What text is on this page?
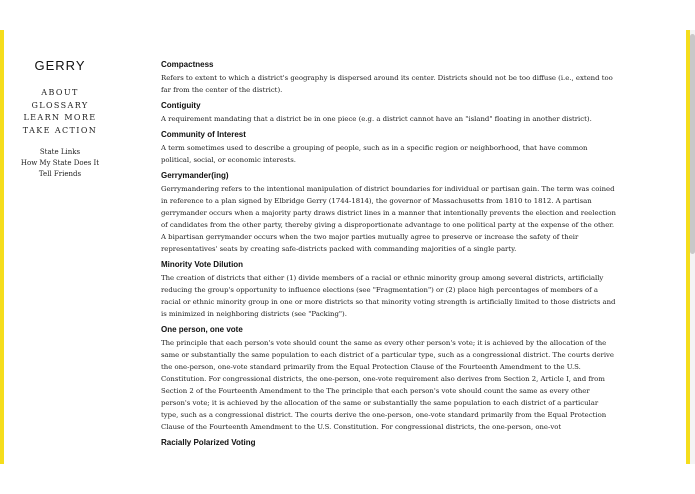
GERRY
ABOUT
GLOSSARY
LEARN MORE
TAKE ACTION
State Links
How My State Does It
Tell Friends
Compactness

Refers to extent to which a district's geography is dispersed around its center. Districts should not be too diffuse (i.e., extend too far from the center of the district).

Contiguity

A requirement mandating that a district be in one piece (e.g. a district cannot have an "island" floating in another district).

Community of Interest

A term sometimes used to describe a grouping of people, such as in a specific region or neighborhood, that have common political, social, or economic interests.

Gerrymander(ing)

Gerrymandering refers to the intentional manipulation of district boundaries for individual or partisan gain. The term was coined in reference to a plan signed by Elbridge Gerry (1744-1814), the governor of Massachusetts from 1810 to 1812. A partisan gerrymander occurs when a majority party draws district lines in a manner that intentionally prevents the election and reelection of candidates from the other party, thereby giving a disproportionate advantage to one political party at the expense of the other. A bipartisan gerrymander occurs when the two major parties mutually agree to preserve or increase the safety of their representatives' seats by creating safe-districts packed with commanding majorities of a single party.

Minority Vote Dilution

The creation of districts that either (1) divide members of a racial or ethnic minority group among several districts, artificially reducing the group's opportunity to influence elections (see "Fragmentation") or (2) place high percentages of members of a racial or ethnic minority group in one or more districts so that minority voting strength is artificially limited to those districts and is minimized in neighboring districts (see "Packing").

One person, one vote

The principle that each person's vote should count the same as every other person's vote; it is achieved by the allocation of the same or substantially the same population to each district of a particular type, such as a congressional district. The courts derive the one-person, one-vote standard primarily from the Equal Protection Clause of the Fourteenth Amendment to the U.S. Constitution. For congressional districts, the one-person, one-vote requirement also derives from Section 2, Article I, and from Section 2 of the Fourteenth Amendment to the The principle that each person's vote should count the same as every other person's vote; it is achieved by the allocation of the same or substantially the same population to each district of a particular type, such as a congressional district. The courts derive the one-person, one-vote standard primarily from the Equal Protection Clause of the Fourteenth Amendment to the U.S. Constitution. For congressional districts, the one-person, one-vot

Racially Polarized Voting
